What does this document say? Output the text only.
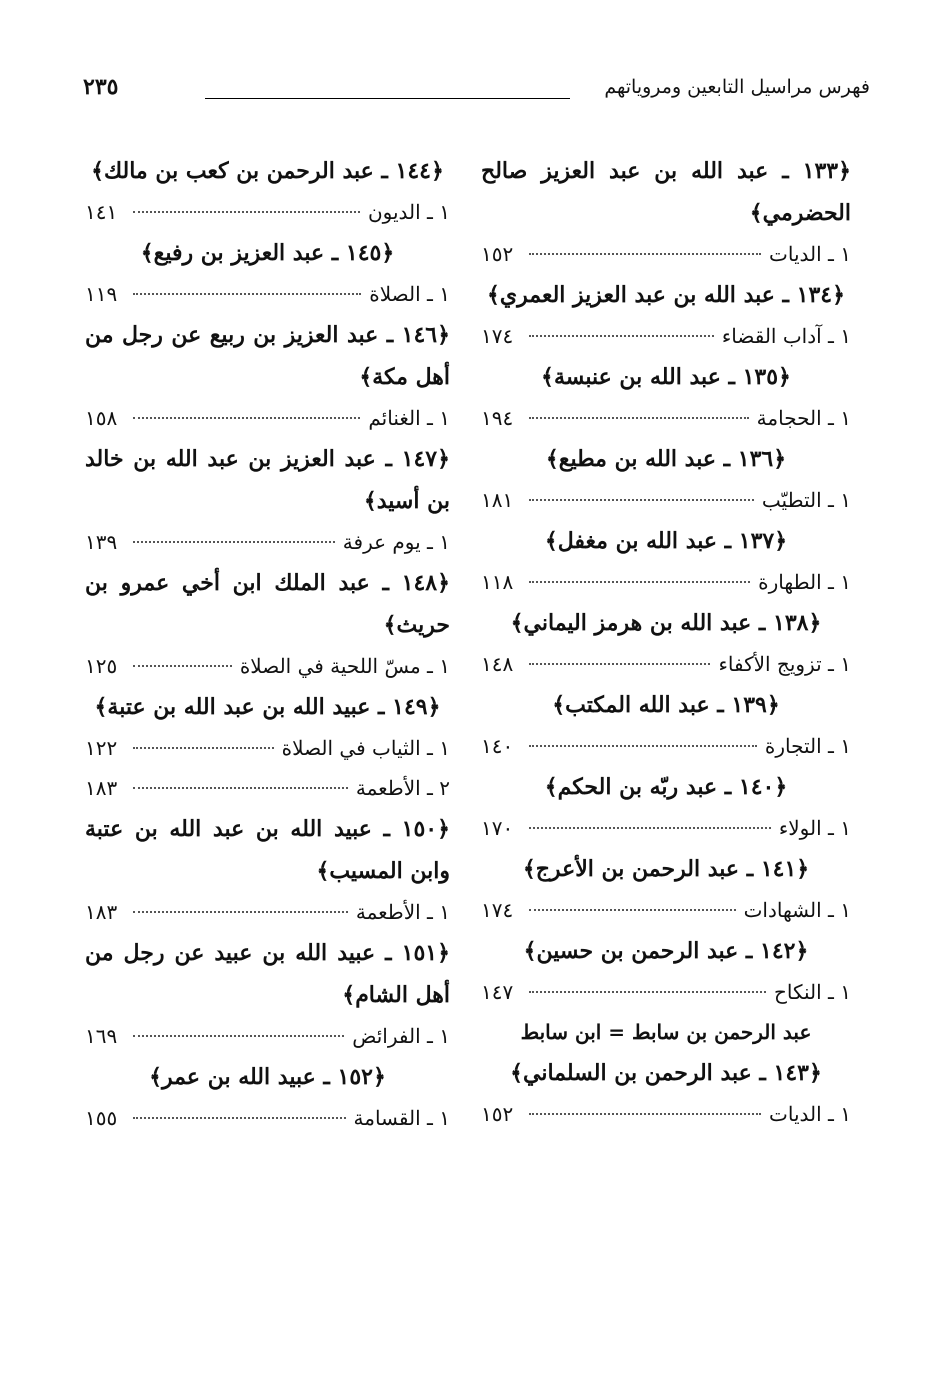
فهرس مراسيل التابعين ومروياتهم
٢٣٥
﴿١٣٣ ـ عبد الله بن عبد العزيز صالح الحضرمي﴾
١ ـ الديات
١٥٢
﴿١٣٤ ـ عبد الله بن عبد العزيز العمري﴾
١ ـ آداب القضاء
١٧٤
﴿١٣٥ ـ عبد الله بن عنبسة﴾
١ ـ الحجامة
١٩٤
﴿١٣٦ ـ عبد الله بن مطيع﴾
١ ـ التطيّب
١٨١
﴿١٣٧ ـ عبد الله بن مغفل﴾
١ ـ الطهارة
١١٨
﴿١٣٨ ـ عبد الله بن هرمز اليماني﴾
١ ـ تزويج الأكفاء
١٤٨
﴿١٣٩ ـ عبد الله المكتب﴾
١ ـ التجارة
١٤٠
﴿١٤٠ ـ عبد ربّه بن الحكم﴾
١ ـ الولاء
١٧٠
﴿١٤١ ـ عبد الرحمن بن الأعرج﴾
١ ـ الشهادات
١٧٤
﴿١٤٢ ـ عبد الرحمن بن حسين﴾
١ ـ النكاح
١٤٧
عبد الرحمن بن سابط = ابن سابط
﴿١٤٣ ـ عبد الرحمن بن السلماني﴾
١ ـ الديات
١٥٢
﴿١٤٤ ـ عبد الرحمن بن كعب بن مالك﴾
١ ـ الديون
١٤١
﴿١٤٥ ـ عبد العزيز بن رفيع﴾
١ ـ الصلاة
١١٩
﴿١٤٦ ـ عبد العزيز بن ربيع عن رجل من أهل مكة﴾
١ ـ الغنائم
١٥٨
﴿١٤٧ ـ عبد العزيز بن عبد الله بن خالد بن أسيد﴾
١ ـ يوم عرفة
١٣٩
﴿١٤٨ ـ عبد الملك ابن أخي عمرو بن حريث﴾
١ ـ مسّ اللحية في الصلاة
١٢٥
﴿١٤٩ ـ عبيد الله بن عبد الله بن عتبة﴾
١ ـ الثياب في الصلاة
١٢٢
٢ ـ الأطعمة
١٨٣
﴿١٥٠ ـ عبيد الله بن عبد الله بن عتبة وابن المسيب﴾
١ ـ الأطعمة
١٨٣
﴿١٥١ ـ عبيد الله بن عبيد عن رجل من أهل الشام﴾
١ ـ الفرائض
١٦٩
﴿١٥٢ ـ عبيد الله بن عمر﴾
١ ـ القسامة
١٥٥
